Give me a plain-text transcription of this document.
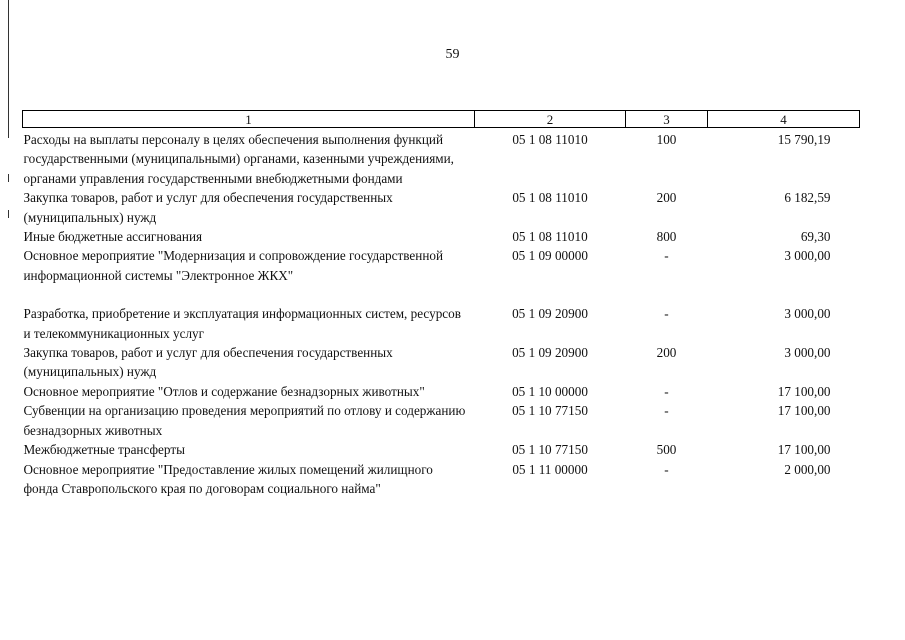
59
1	2	3	4
Расходы на выплаты персоналу в целях обеспечения выполнения функций государственными (муниципальными) органами, казенными учреждениями, органами управления государственными внебюджетными фондами	05 1 08 11010	100	15 790,19
Закупка товаров, работ и услуг для обеспечения государственных (муниципальных) нужд	05 1 08 11010	200	6 182,59
Иные бюджетные ассигнования	05 1 08 11010	800	69,30
Основное мероприятие "Модернизация и сопровождение государственной информационной системы "Электронное ЖКХ"	05 1 09 00000	-	3 000,00

Разработка, приобретение и эксплуатация информационных систем, ресурсов и телекоммуникационных услуг	05 1 09 20900	-	3 000,00
Закупка товаров, работ и услуг для обеспечения государственных (муниципальных) нужд	05 1 09 20900	200	3 000,00
Основное мероприятие "Отлов и содержание безнадзорных животных"	05 1 10 00000	-	17 100,00
Субвенции на организацию проведения мероприятий по отлову и содержанию безнадзорных животных	05 1 10 77150	-	17 100,00
Межбюджетные трансферты	05 1 10 77150	500	17 100,00
Основное мероприятие "Предоставление жилых помещений жилищного фонда Ставропольского края по договорам социального найма"	05 1 11 00000	-	2 000,00
